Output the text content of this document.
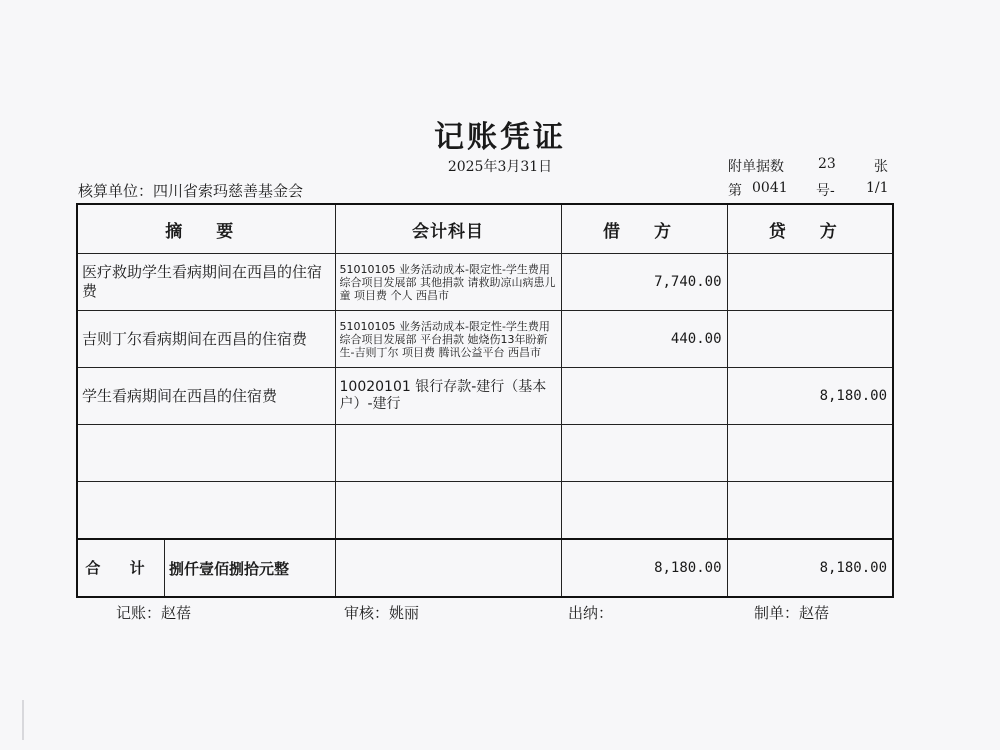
记账凭证
2025年3月31日	附单据数 23	张
核算单位：四川省索玛慈善基金会	第 0041 号- 1/1
摘 要	会计科目	借 方	贷 方
医疗救助学生看病期间在西昌的住宿费	51010105 业务活动成本-限定性-学生费用 综合项目发展部 其他捐款 请救助凉山病患儿童 项目费 个人 西昌市	7,740.00	
吉则丁尔看病期间在西昌的住宿费	51010105 业务活动成本-限定性-学生费用 综合项目发展部 平台捐款 她烧伤13年盼新生-吉则丁尔 项目费 腾讯公益平台 西昌市	440.00	
学生看病期间在西昌的住宿费	10020101 银行存款-建行（基本户）-建行		8,180.00

合 计 捌仟壹佰捌拾元整		8,180.00	8,180.00
记账：赵蓓	审核：姚丽	出纳：	制单：赵蓓
